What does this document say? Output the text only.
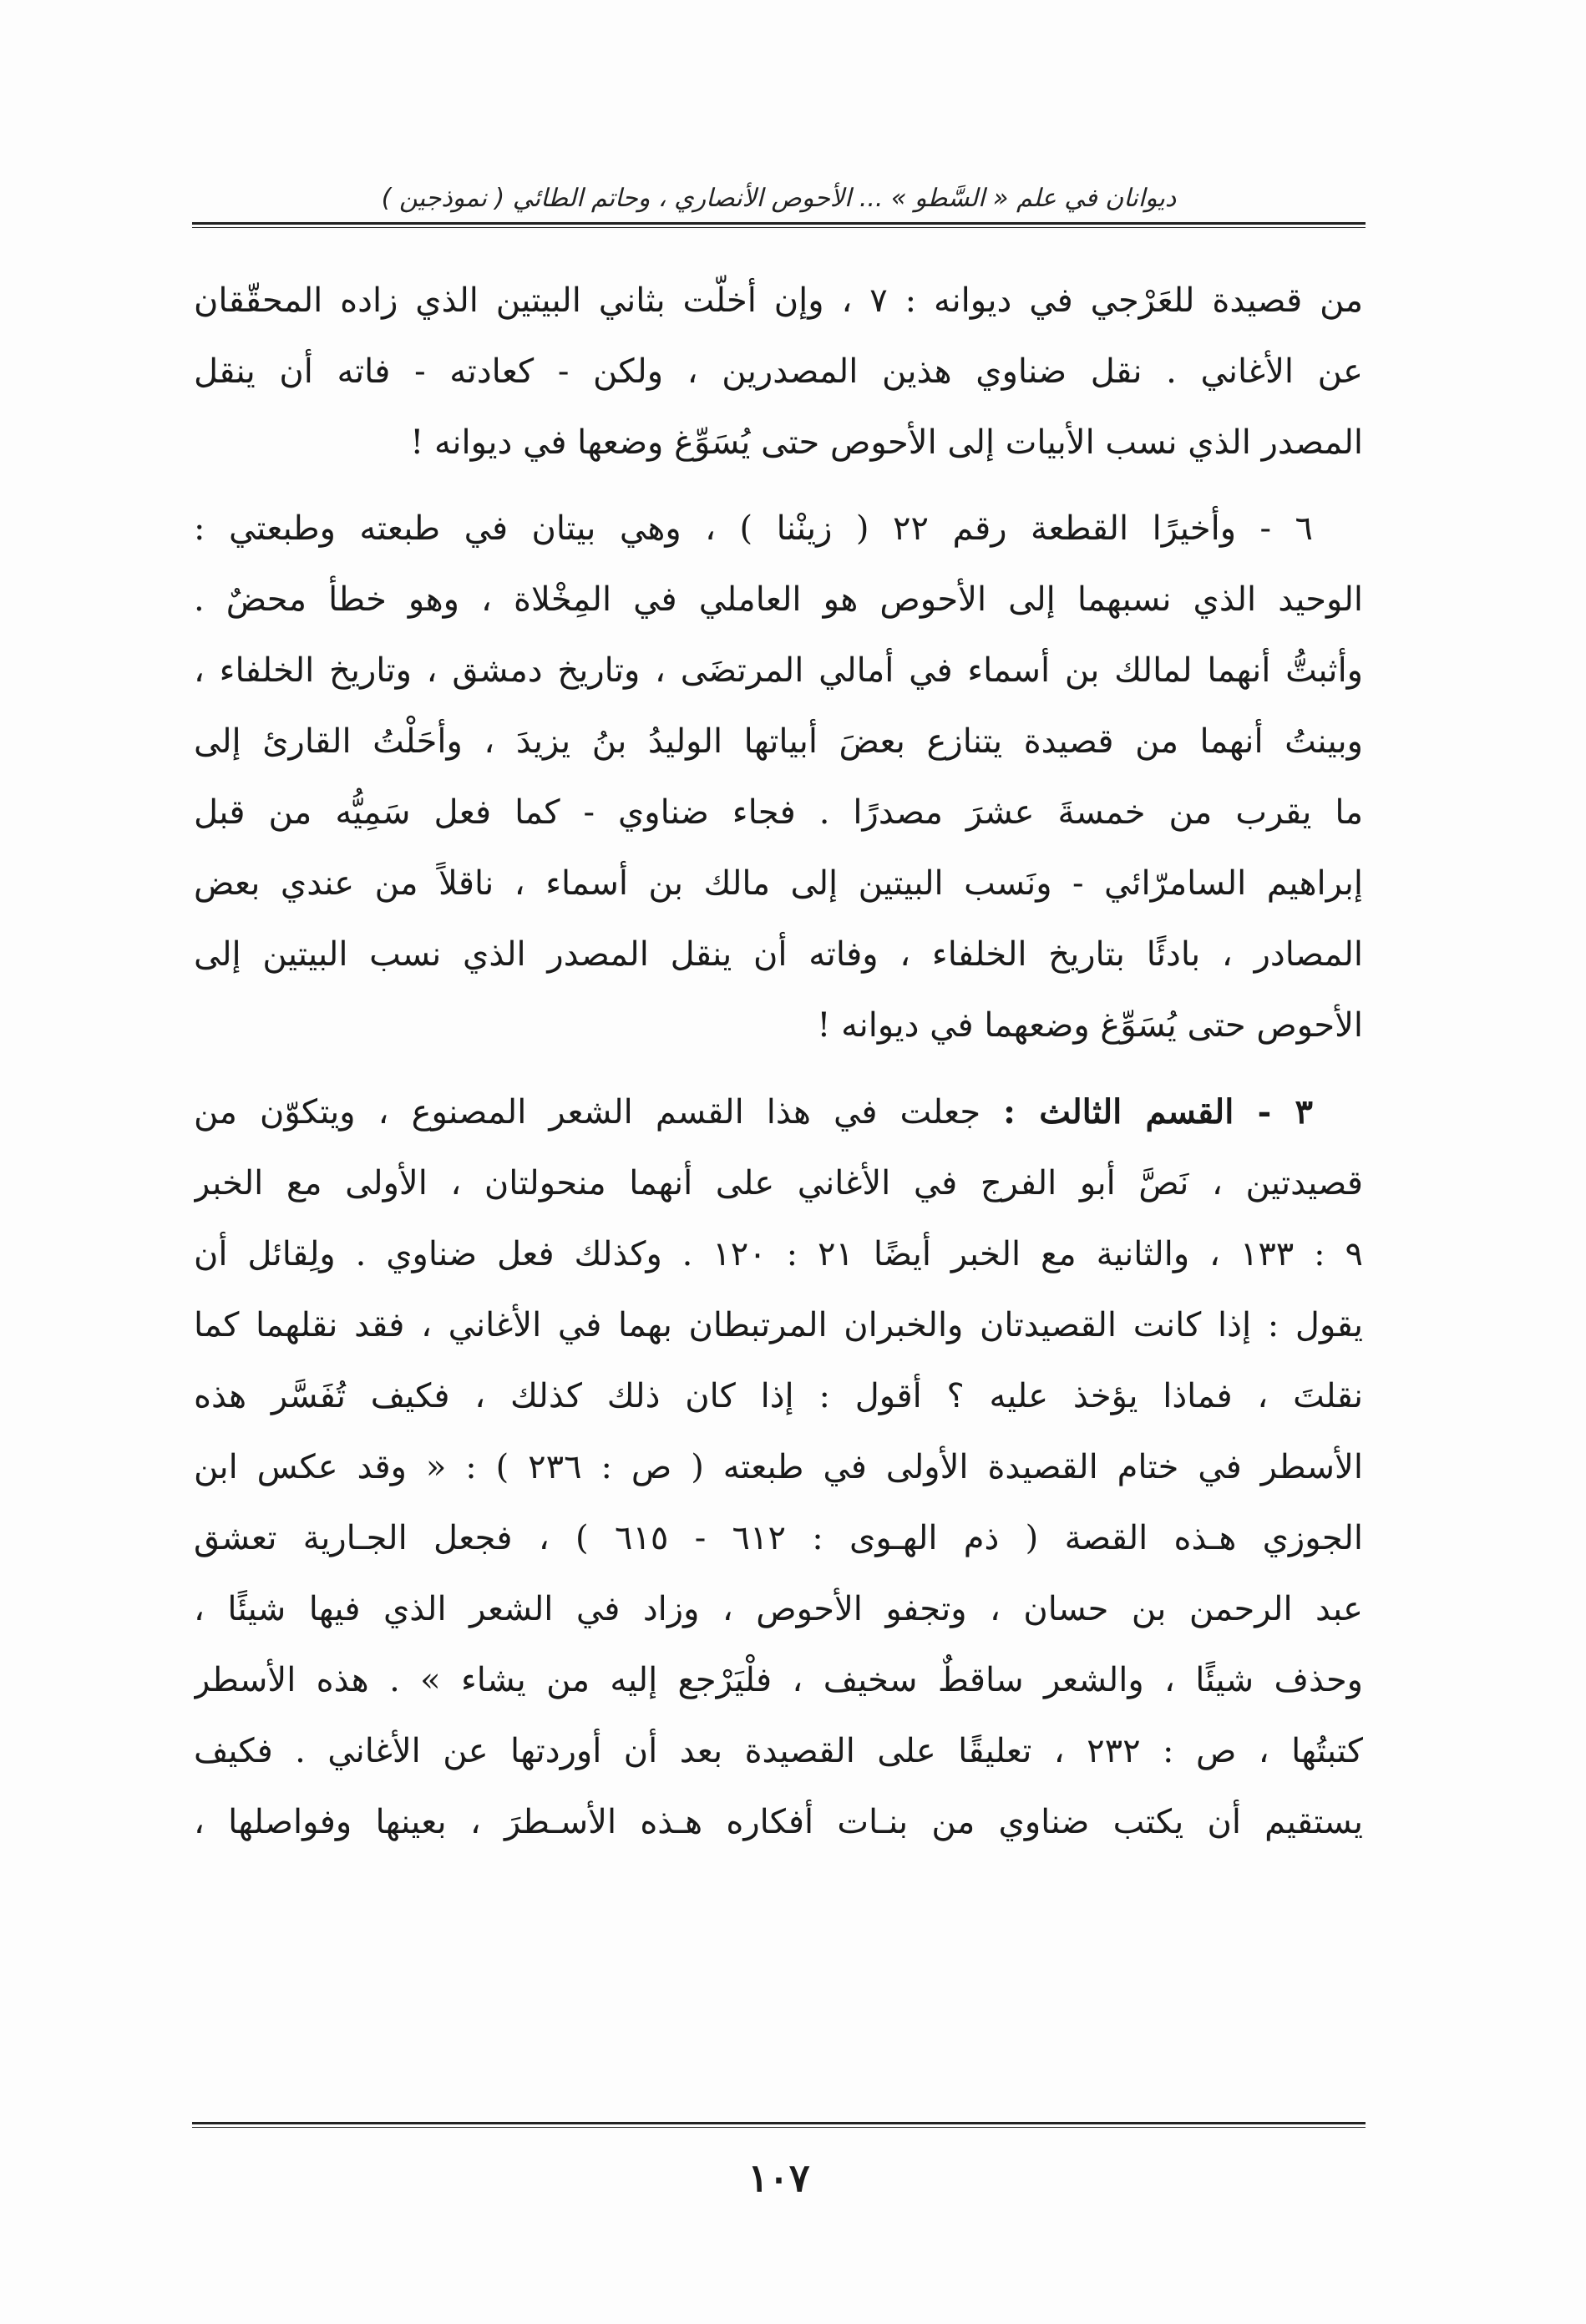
ديوانان في علم « السَّطو » ... الأحوص الأنصاري ، وحاتم الطائي ( نموذجين )
من قصيدة للعَرْجي في ديوانه : ٧ ، وإن أخلّت بثاني البيتين الذي زاده المحقّقان
عن الأغاني . نقل ضناوي هذين المصدرين ، ولكن - كعادته - فاته أن ينقل
المصدر الذي نسب الأبيات إلى الأحوص حتى يُسَوِّغ وضعها في ديوانه !
٦ - وأخيرًا القطعة رقم ٢٢ ( زينْنا ) ، وهي بيتان في طبعته وطبعتي :
الوحيد الذي نسبهما إلى الأحوص هو العاملي في المِخْلاة ، وهو خطأ محضٌ .
وأثبتُّ أنهما لمالك بن أسماء في أمالي المرتضَى ، وتاريخ دمشق ، وتاريخ الخلفاء ،
وبينتُ أنهما من قصيدة يتنازع بعضَ أبياتها الوليدُ بنُ يزيدَ ، وأحَلْتُ القارئ إلى
ما يقرب من خمسةَ عشرَ مصدرًا . فجاء ضناوي - كما فعل سَمِيُّه من قبل
إبراهيم السامرّائي - ونَسب البيتين إلى مالك بن أسماء ، ناقلاً من عندي بعض
المصادر ، بادئًا بتاريخ الخلفاء ، وفاته أن ينقل المصدر الذي نسب البيتين إلى
الأحوص حتى يُسَوِّغ وضعهما في ديوانه !
٣ - القسم الثالث : جعلت في هذا القسم الشعر المصنوع ، ويتكوّن من
قصيدتين ، نَصَّ أبو الفرج في الأغاني على أنهما منحولتان ، الأولى مع الخبر
٩ : ١٣٣ ، والثانية مع الخبر أيضًا ٢١ : ١٢٠ . وكذلك فعل ضناوي . ولِقائل أن
يقول : إذا كانت القصيدتان والخبران المرتبطان بهما في الأغاني ، فقد نقلهما كما
نقلتَ ، فماذا يؤخذ عليه ؟ أقول : إذا كان ذلك كذلك ، فكيف تُفَسَّر هذه
الأسطر في ختام القصيدة الأولى في طبعته ( ص : ٢٣٦ ) : « وقد عكس ابن
الجوزي هـذه القصة ( ذم الهـوى : ٦١٢ - ٦١٥ ) ، فجعل الجـارية تعشق
عبد الرحمن بن حسان ، وتجفو الأحوص ، وزاد في الشعر الذي فيها شيئًا ،
وحذف شيئًا ، والشعر ساقطٌ سخيف ، فلْيَرْجع إليه من يشاء » . هذه الأسطر
كتبتُها ، ص : ٢٣٢ ، تعليقًا على القصيدة بعد أن أوردتها عن الأغاني . فكيف
يستقيم أن يكتب ضناوي من بنـات أفكاره هـذه الأسـطرَ ، بعينها وفواصلها ،
١٠٧
